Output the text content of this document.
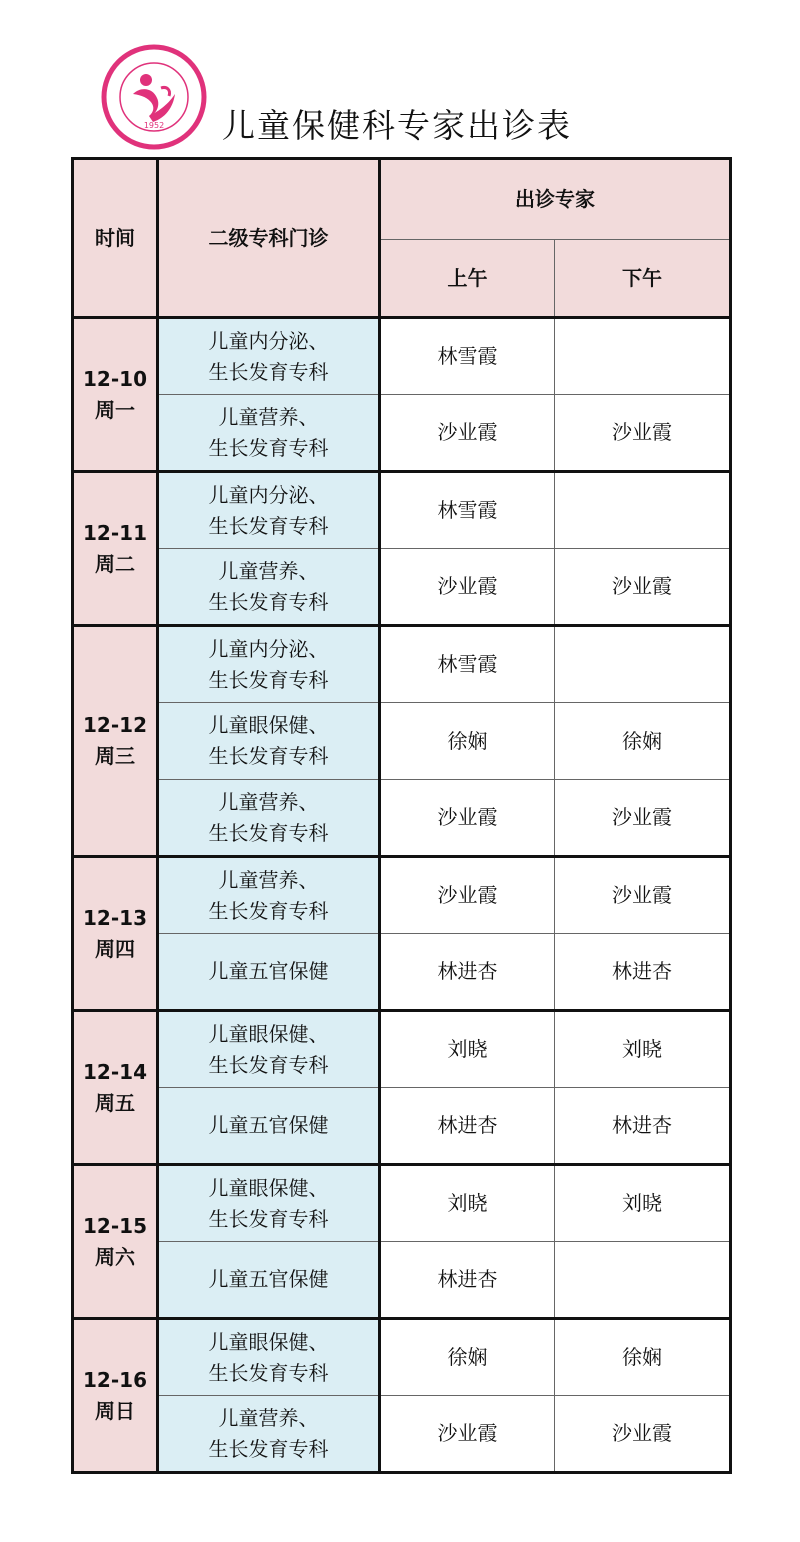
1952 儿童保健科专家出诊表
时间	二级专科门诊	出诊专家	
		上午	下午

12-10
周一	儿童内分泌、
生长发育专科	林雪霞	

	儿童营养、
生长发育专科	沙业霞	沙业霞

12-11
周二	儿童内分泌、
生长发育专科	林雪霞	

	儿童营养、
生长发育专科	沙业霞	沙业霞

12-12
周三	儿童内分泌、
生长发育专科	林雪霞	

	儿童眼保健、
生长发育专科	徐娴	徐娴

	儿童营养、
生长发育专科	沙业霞	沙业霞

12-13
周四	儿童营养、
生长发育专科	沙业霞	沙业霞

	儿童五官保健	林进杏	林进杏

12-14
周五	儿童眼保健、
生长发育专科	刘晓	刘晓

	儿童五官保健	林进杏	林进杏

12-15
周六	儿童眼保健、
生长发育专科	刘晓	刘晓

	儿童五官保健	林进杏	

12-16
周日	儿童眼保健、
生长发育专科	徐娴	徐娴

	儿童营养、
生长发育专科	沙业霞	沙业霞
